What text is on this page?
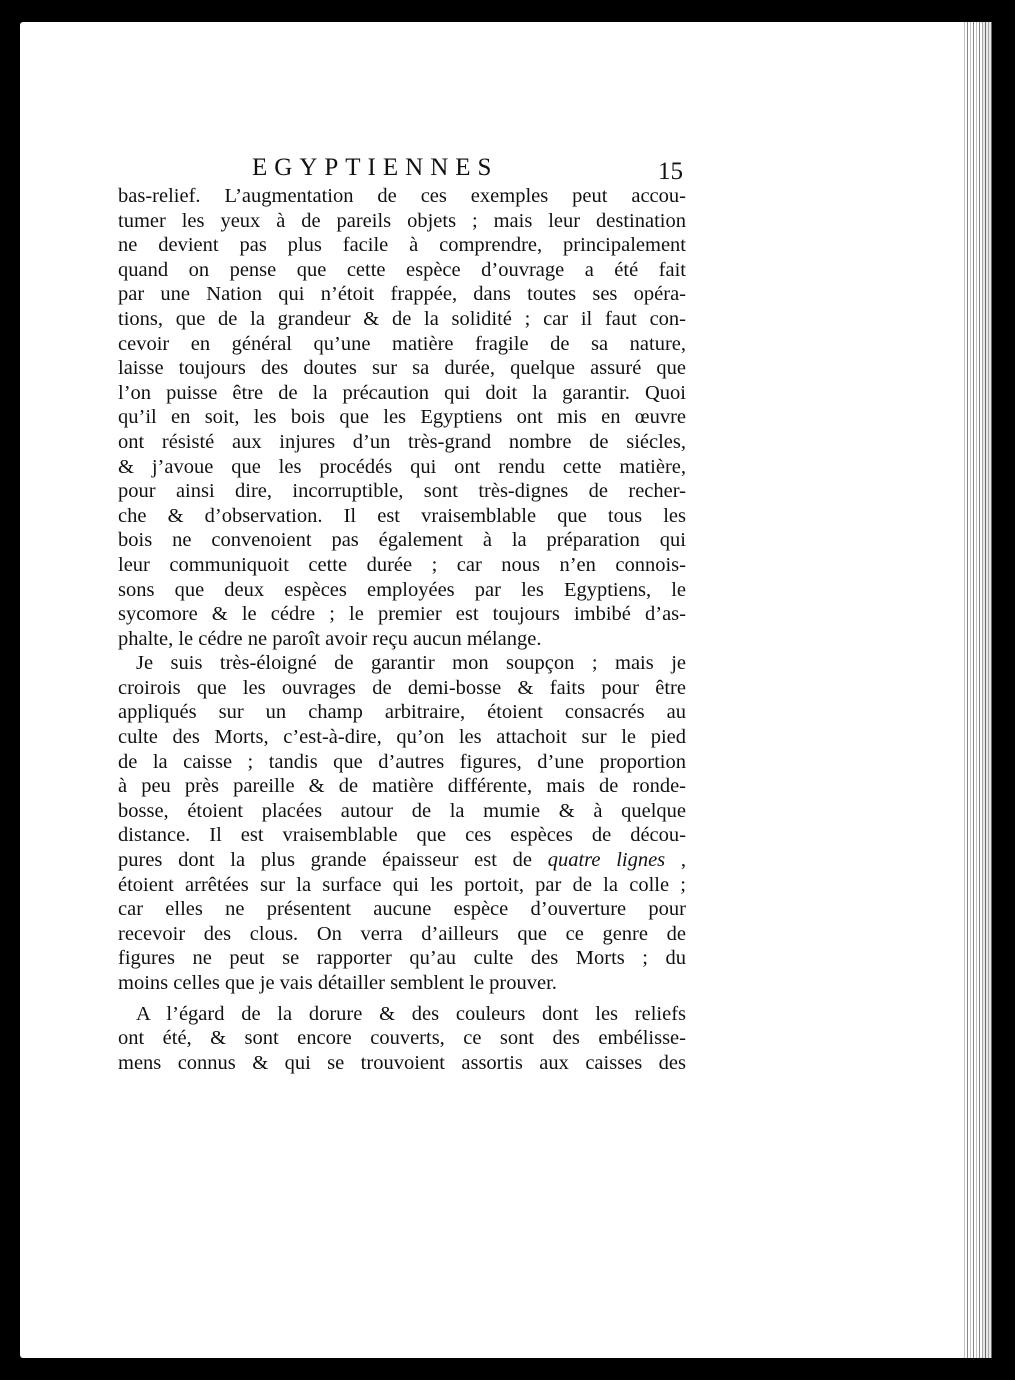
EGYPTIENNES	15
bas-relief. L’augmentation de ces exemples peut accou-
tumer les yeux à de pareils objets ; mais leur destination
ne devient pas plus facile à comprendre, principalement
quand on pense que cette espèce d’ouvrage a été fait
par une Nation qui n’étoit frappée, dans toutes ses opéra-
tions, que de la grandeur & de la solidité ; car il faut con-
cevoir en général qu’une matière fragile de sa nature,
laisse toujours des doutes sur sa durée, quelque assuré que
l’on puisse être de la précaution qui doit la garantir. Quoi
qu’il en soit, les bois que les Egyptiens ont mis en œuvre
ont résisté aux injures d’un très-grand nombre de siécles,
& j’avoue que les procédés qui ont rendu cette matière,
pour ainsi dire, incorruptible, sont très-dignes de recher-
che & d’observation. Il est vraisemblable que tous les
bois ne convenoient pas également à la préparation qui
leur communiquoit cette durée ; car nous n’en connois-
sons que deux espèces employées par les Egyptiens, le
sycomore & le cédre ; le premier est toujours imbibé d’as-
phalte, le cédre ne paroît avoir reçu aucun mélange.
Je suis très-éloigné de garantir mon soupçon ; mais je
croirois que les ouvrages de demi-bosse & faits pour être
appliqués sur un champ arbitraire, étoient consacrés au
culte des Morts, c’est-à-dire, qu’on les attachoit sur le pied
de la caisse ; tandis que d’autres figures, d’une proportion
à peu près pareille & de matière différente, mais de ronde-
bosse, étoient placées autour de la mumie & à quelque
distance. Il est vraisemblable que ces espèces de décou-
pures dont la plus grande épaisseur est de quatre lignes ,
étoient arrêtées sur la surface qui les portoit, par de la colle ;
car elles ne présentent aucune espèce d’ouverture pour
recevoir des clous. On verra d’ailleurs que ce genre de
figures ne peut se rapporter qu’au culte des Morts ; du
moins celles que je vais détailler semblent le prouver.
A l’égard de la dorure & des couleurs dont les reliefs
ont été, & sont encore couverts, ce sont des embélisse-
mens connus & qui se trouvoient assortis aux caisses des
